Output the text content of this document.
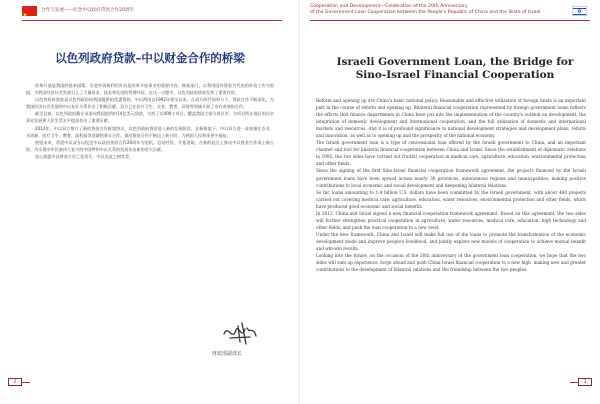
合作与发展——纪念中以政府贷款合作20周年
以色列政府贷款–中以财金合作的桥梁

改革开放是我国的基本国策，引进外资和利用外资是改革开放事业的重要内容。财政部门，以利用国外贷款为代表的外资工作为契机，为我国经济社会发展引入了大量资金、技术和先进的管理经验，在这一过程中，以色列政府贷款发挥了重要作用。

以色列政府贷款是以色列政府向我国提供的优惠贷款。中以两国自1992年建交以来，在双方的共同努力下，贷款合作不断深化，为我国经济社会发展和中以友好关系作出了积极贡献，双方已在医疗卫生、农业、教育、环保等领域开展了卓有成效的合作。

截至目前，以色列政府累计承诺向我国提供约14亿美元贷款，支持了近400个项目，覆盖我国大部分省区市，为项目所在地区的社会事业发展和人民生活水平提高作出了重要贡献。

2012年，中以双方签订了新的贷款合作框架协议，以色列政府贷款进入新的发展阶段。在新框架下，中以双方进一步加强在农业、水资源、医疗卫生、教育、高科技等领域的务实合作，推动贷款合作不断迈上新台阶，为两国人民带来更多福祉。

展望未来，希望中以双方以纪念中以政府贷款合作20周年为契机，总结经验，开拓进取，在新的起点上推动中以财金合作再上新台阶，为实现中华民族伟大复兴的中国梦和中以关系的发展作出新的更大贡献。

衷心祝愿中以财金合作之花常开，中以友谊之树常青。

财政部副部长
2
Cooperation and Development—Celebration of the 20th Anniversary
of the Government Loan Cooperation between the People's Republic of China and the State of Israel
Israeli Government Loan, the Bridge for Sino-Israel Financial Cooperation

Reform and opening up are China's basic national policy. Reasonable and effective utilization of foreign funds is an important part in the course of reform and opening up. Bilateral financial cooperation represented by foreign government loans reflects the efforts that finance departments in China have put into the implementation of the country's outlook on development, the integration of domestic development and international cooperation, and the full utilization of domestic and international markets and resources. And it is of profound significance to national development strategies and development plans, reform and innovation, as well as to opening up and the prosperity of the national economy.

The Israeli government loan is a type of concessional loan offered by the Israeli government to China, and an important channel and tool for bilateral financial cooperation between China and Israel. Since the establishment of diplomatic relations in 1992, the two sides have carried out fruitful cooperation in medical care, agriculture, education, environmental protection and other fields.

Since the signing of the first Sino-Israel financial cooperation framework agreement, the projects financed by the Israeli government loans have been spread across nearly 30 provinces, autonomous regions and municipalities, making positive contributions to local economic and social development and deepening bilateral relations.

So far, loans amounting to 1.4 billion U.S. dollars have been committed by the Israeli government, with about 400 projects carried out covering medical care, agriculture, education, water resources, environmental protection and other fields, which have produced good economic and social benefits.

In 2012, China and Israel signed a new financial cooperation framework agreement. Based on this agreement, the two sides will further strengthen practical cooperation in agriculture, water resources, medical care, education, high technology and other fields, and push the loan cooperation to a new level.

Under the new framework, China and Israel will make full use of the loans to promote the transformation of the economic development mode and improve people's livelihood, and jointly explore new models of cooperation to achieve mutual benefit and win-win results.

Looking into the future, on the occasion of the 20th anniversary of the government loan cooperation, we hope that the two sides will sum up experience, forge ahead and push China-Israel financial cooperation to a new high, making new and greater contributions to the development of bilateral relations and the friendship between the two peoples.

3
